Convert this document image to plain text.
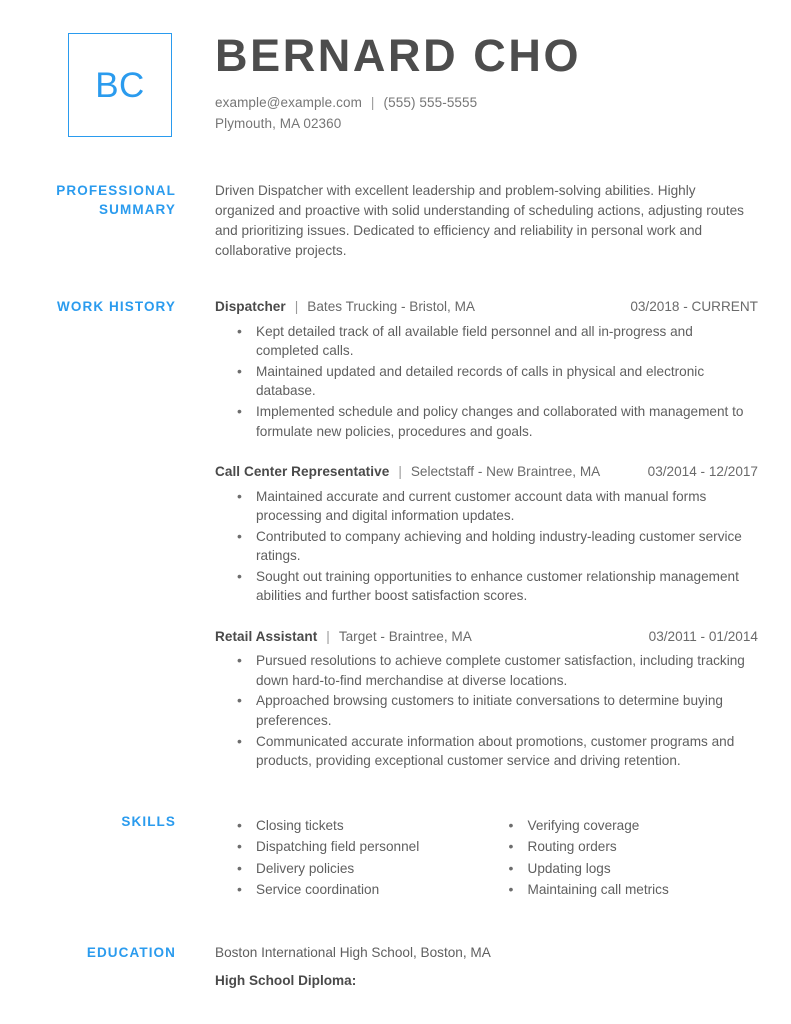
BC
BERNARD CHO
example@example.com | (555) 555-5555
Plymouth, MA 02360
PROFESSIONAL
SUMMARY

Driven Dispatcher with excellent leadership and problem-solving abilities. Highly organized and proactive with solid understanding of scheduling actions, adjusting routes and prioritizing issues. Dedicated to efficiency and reliability in personal work and collaborative projects.

WORK HISTORY	Dispatcher | Bates Trucking - Bristol, MA	03/2018 - CURRENT
• Kept detailed track of all available field personnel and all in-progress and completed calls.
• Maintained updated and detailed records of calls in physical and electronic database.
• Implemented schedule and policy changes and collaborated with management to formulate new policies, procedures and goals.
Call Center Representative | Selectstaff - New Braintree, MA	03/2014 - 12/2017
• Maintained accurate and current customer account data with manual forms processing and digital information updates.
• Contributed to company achieving and holding industry-leading customer service ratings.
• Sought out training opportunities to enhance customer relationship management abilities and further boost satisfaction scores.
Retail Assistant | Target - Braintree, MA	03/2011 - 01/2014
• Pursued resolutions to achieve complete customer satisfaction, including tracking down hard-to-find merchandise at diverse locations.
• Approached browsing customers to initiate conversations to determine buying preferences.
• Communicated accurate information about promotions, customer programs and products, providing exceptional customer service and driving retention.
SKILLS	• Closing tickets
• Dispatching field personnel
• Delivery policies
• Service coordination
• Verifying coverage
• Routing orders
• Updating logs
• Maintaining call metrics
EDUCATION	Boston International High School, Boston, MA

High School Diploma:
